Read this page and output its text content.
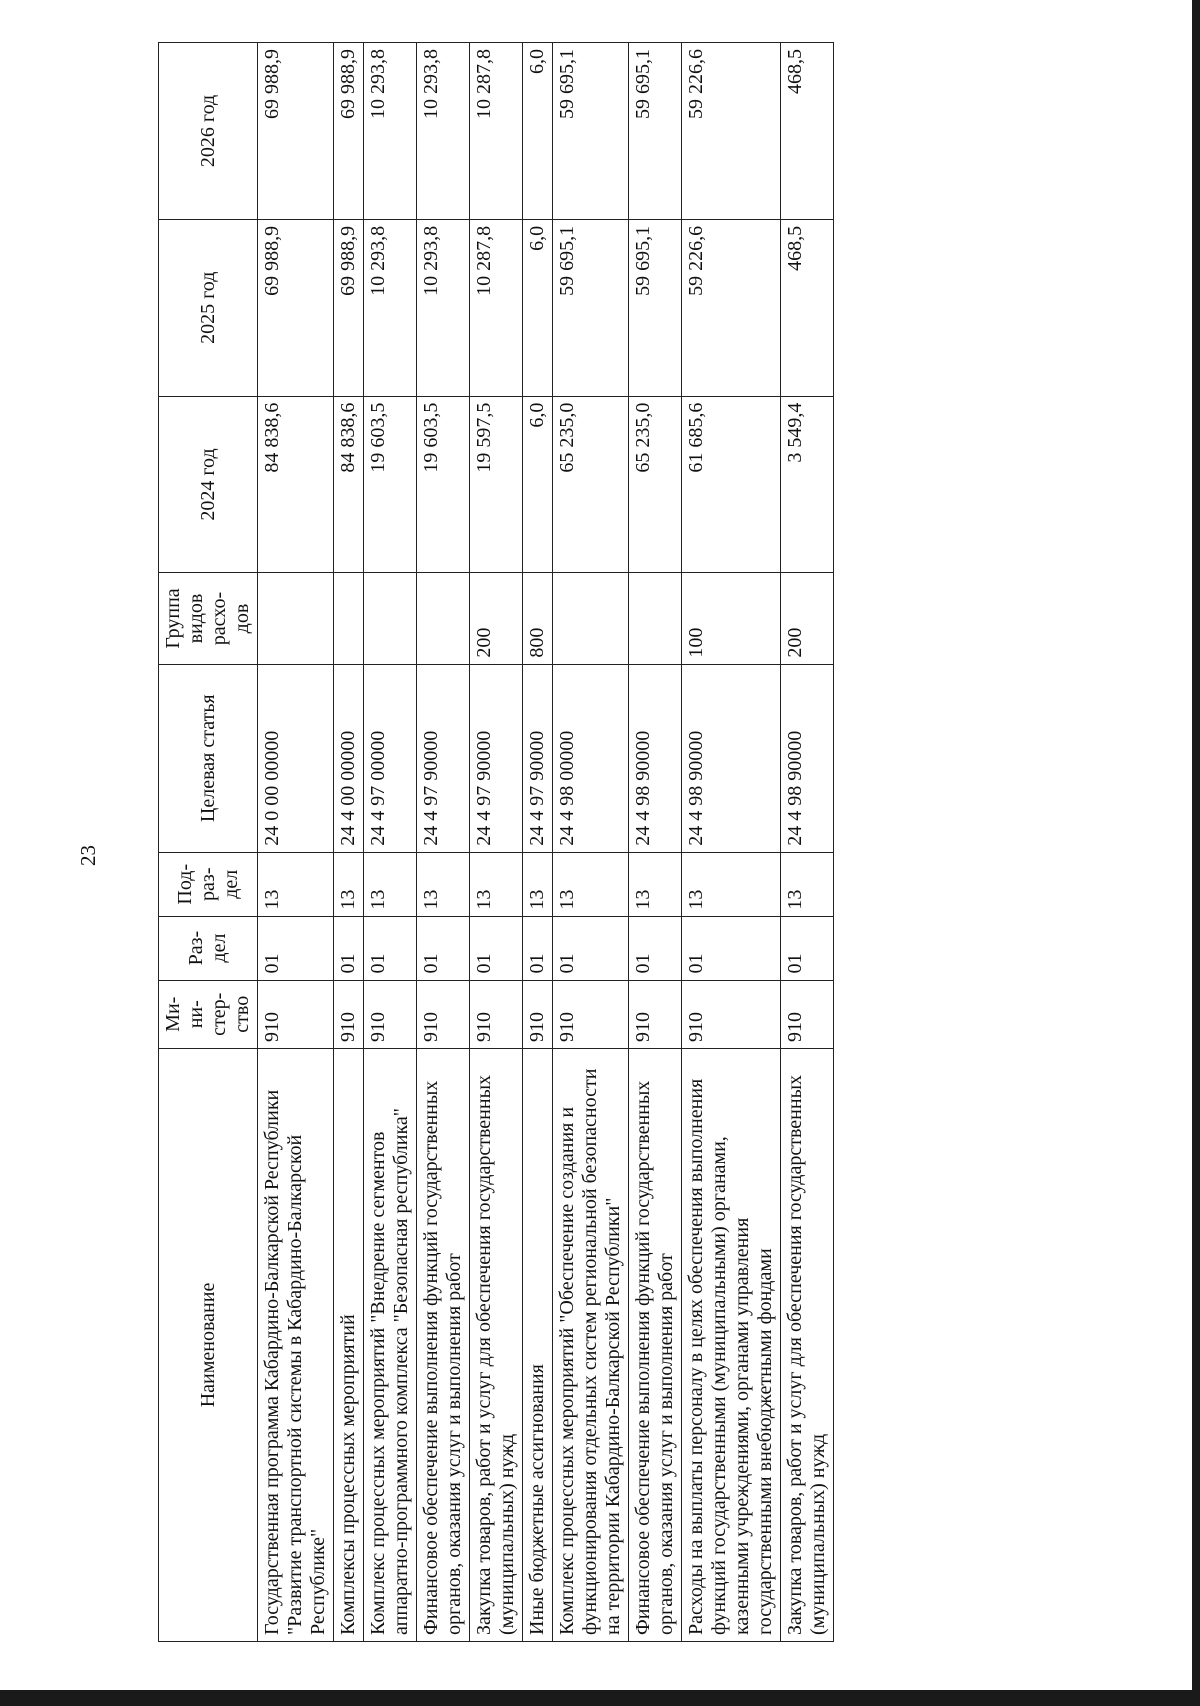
23
Наименование	Ми-ни-стер-ство	Раз-дел	Под-раз-дел	Целевая статья	Группа видов расхо-дов	2024 год	2025 год	2026 год
Государственная программа Кабардино-Балкарской Республики "Развитие транспортной системы в Кабардино-Балкарской Республике"	910	01	13	24 0 00 00000		84 838,6	69 988,9	69 988,9
Комплексы процессных мероприятий	910	01	13	24 4 00 00000		84 838,6	69 988,9	69 988,9
Комплекс процессных мероприятий "Внедрение сегментов аппаратно-программного комплекса "Безопасная республика"	910	01	13	24 4 97 00000		19 603,5	10 293,8	10 293,8
Финансовое обеспечение выполнения функций государственных органов, оказания услуг и выполнения работ	910	01	13	24 4 97 90000		19 603,5	10 293,8	10 293,8
Закупка товаров, работ и услуг для обеспечения государственных (муниципальных) нужд	910	01	13	24 4 97 90000	200	19 597,5	10 287,8	10 287,8
Иные бюджетные ассигнования	910	01	13	24 4 97 90000	800	6,0	6,0	6,0
Комплекс процессных мероприятий "Обеспечение создания и функционирования отдельных систем региональной безопасности на территории Кабардино-Балкарской Республики"	910	01	13	24 4 98 00000		65 235,0	59 695,1	59 695,1
Финансовое обеспечение выполнения функций государственных органов, оказания услуг и выполнения работ	910	01	13	24 4 98 90000		65 235,0	59 695,1	59 695,1
Расходы на выплаты персоналу в целях обеспечения выполнения функций государственными (муниципальными) органами, казенными учреждениями, органами управления государственными внебюджетными фондами	910	01	13	24 4 98 90000	100	61 685,6	59 226,6	59 226,6
Закупка товаров, работ и услуг для обеспечения государственных (муниципальных) нужд	910	01	13	24 4 98 90000	200	3 549,4	468,5	468,5
